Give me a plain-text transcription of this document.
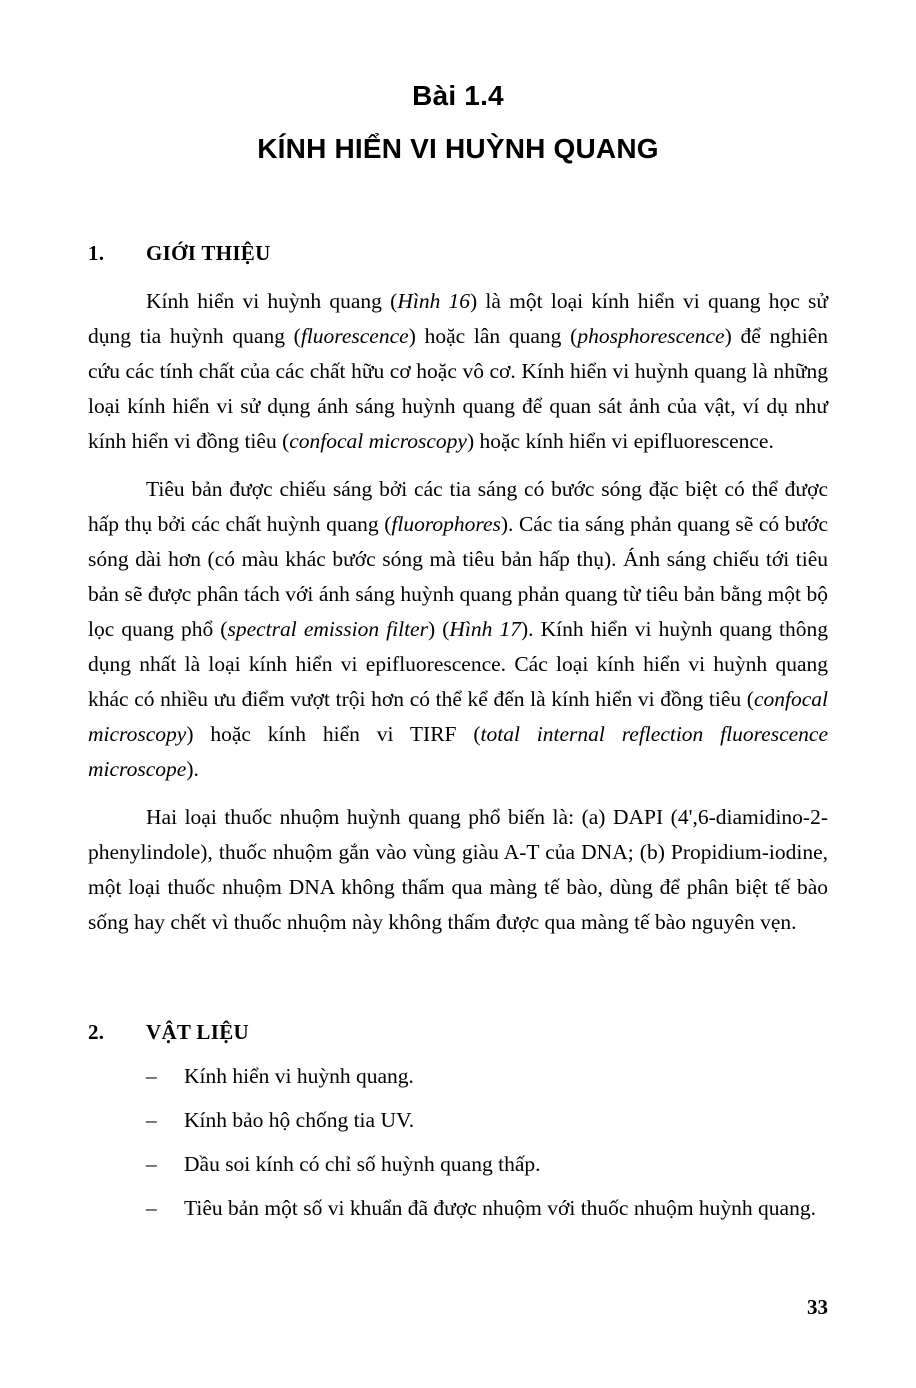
Bài 1.4
KÍNH HIỂN VI HUỲNH QUANG
1.	GIỚI THIỆU

Kính hiển vi huỳnh quang (Hình 16) là một loại kính hiển vi quang học sử dụng tia huỳnh quang (fluorescence) hoặc lân quang (phosphorescence) để nghiên cứu các tính chất của các chất hữu cơ hoặc vô cơ. Kính hiển vi huỳnh quang là những loại kính hiển vi sử dụng ánh sáng huỳnh quang để quan sát ảnh của vật, ví dụ như kính hiển vi đồng tiêu (confocal microscopy) hoặc kính hiển vi epifluorescence.

Tiêu bản được chiếu sáng bởi các tia sáng có bước sóng đặc biệt có thể được hấp thụ bởi các chất huỳnh quang (fluorophores). Các tia sáng phản quang sẽ có bước sóng dài hơn (có màu khác bước sóng mà tiêu bản hấp thụ). Ánh sáng chiếu tới tiêu bản sẽ được phân tách với ánh sáng huỳnh quang phản quang từ tiêu bản bằng một bộ lọc quang phổ (spectral emission filter) (Hình 17). Kính hiển vi huỳnh quang thông dụng nhất là loại kính hiển vi epifluorescence. Các loại kính hiển vi huỳnh quang khác có nhiều ưu điểm vượt trội hơn có thể kể đến là kính hiển vi đồng tiêu (confocal microscopy) hoặc kính hiển vi TIRF (total internal reflection fluorescence microscope).

Hai loại thuốc nhuộm huỳnh quang phổ biến là: (a) DAPI (4',6-diamidino-2-phenylindole), thuốc nhuộm gắn vào vùng giàu A-T của DNA; (b) Propidium-iodine, một loại thuốc nhuộm DNA không thấm qua màng tế bào, dùng để phân biệt tế bào sống hay chết vì thuốc nhuộm này không thấm được qua màng tế bào nguyên vẹn.

2.	VẬT LIỆU
–	Kính hiển vi huỳnh quang.
–	Kính bảo hộ chống tia UV.
–	Dầu soi kính có chỉ số huỳnh quang thấp.
–	Tiêu bản một số vi khuẩn đã được nhuộm với thuốc nhuộm huỳnh quang.
33
